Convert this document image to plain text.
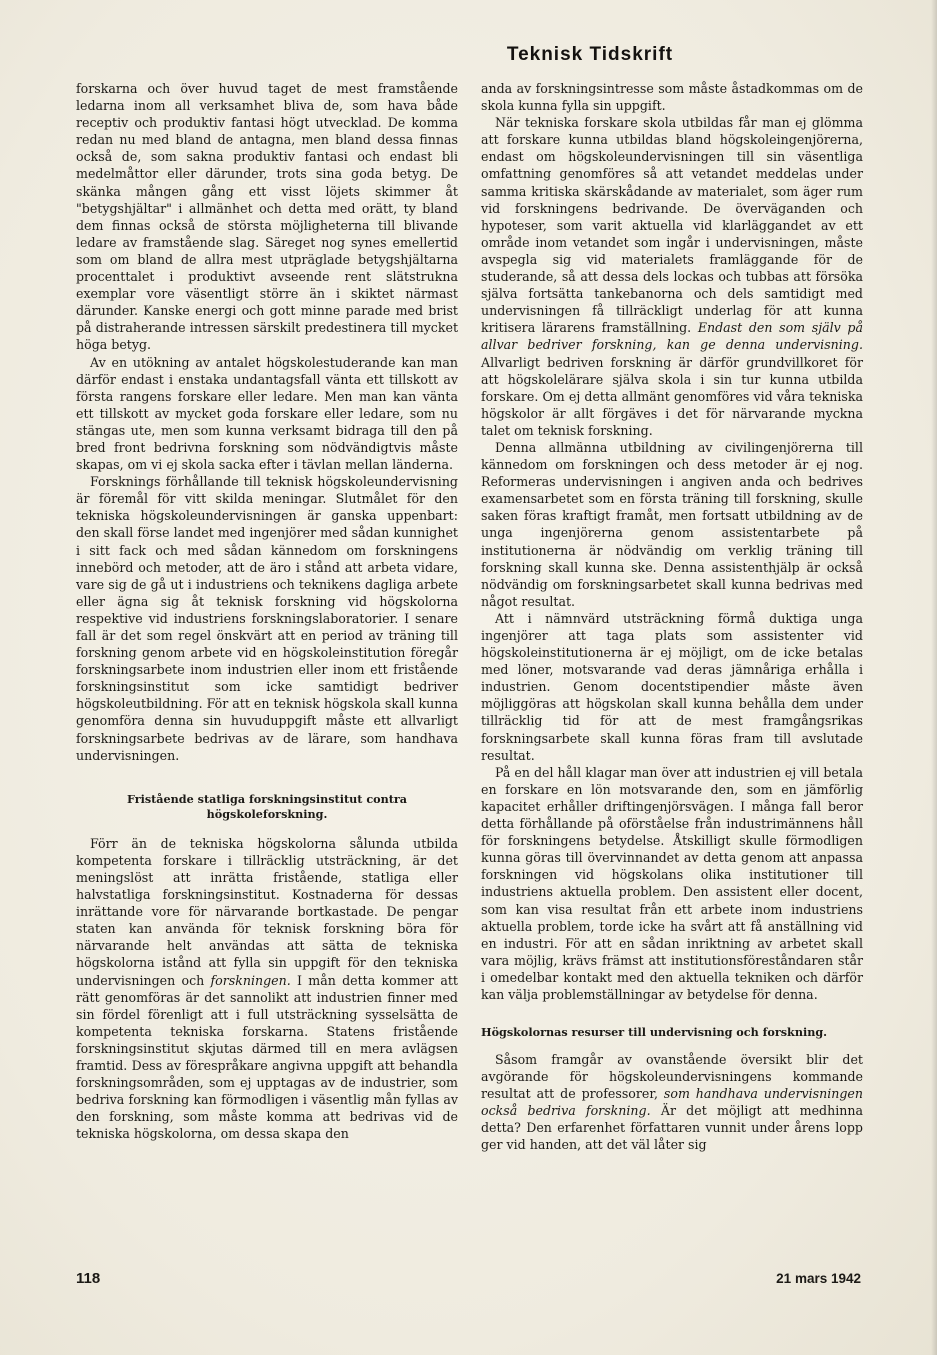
Teknisk Tidskrift

forskarna och över huvud taget de mest framstående ledarna inom all verksamhet bliva de, som hava både receptiv och produktiv fantasi högt utvecklad. De komma redan nu med bland de antagna, men bland dessa finnas också de, som sakna produktiv fantasi och endast bli medelmåttor eller därunder, trots sina goda betyg. De skänka mången gång ett visst löjets skimmer åt "betygshjältar" i allmänhet och detta med orätt, ty bland dem finnas också de största möjligheterna till blivande ledare av framstående slag. Säreget nog synes emellertid som om bland de allra mest utpräglade betygshjältarna procenttalet i produktivt avseende rent slätstrukna exemplar vore väsentligt större än i skiktet närmast därunder. Kanske energi och gott minne parade med brist på distraherande intressen särskilt predestinera till mycket höga betyg.

Av en utökning av antalet högskolestuderande kan man därför endast i enstaka undantagsfall vänta ett tillskott av första rangens forskare eller ledare. Men man kan vänta ett tillskott av mycket goda forskare eller ledare, som nu stängas ute, men som kunna verksamt bidraga till den på bred front bedrivna forskning som nödvändigtvis måste skapas, om vi ej skola sacka efter i tävlan mellan länderna.

Forsknings förhållande till teknisk högskoleundervisning är föremål för vitt skilda meningar. Slutmålet för den tekniska högskoleundervisningen är ganska uppenbart: den skall förse landet med ingenjörer med sådan kunnighet i sitt fack och med sådan kännedom om forskningens innebörd och metoder, att de äro i stånd att arbeta vidare, vare sig de gå ut i industriens och teknikens dagliga arbete eller ägna sig åt teknisk forskning vid högskolorna respektive vid industriens forskningslaboratorier. I senare fall är det som regel önskvärt att en period av träning till forskning genom arbete vid en högskoleinstitution föregår forskningsarbete inom industrien eller inom ett fristående forskningsinstitut som icke samtidigt bedriver högskoleutbildning. För att en teknisk högskola skall kunna genomföra denna sin huvuduppgift måste ett allvarligt forskningsarbete bedrivas av de lärare, som handhava undervisningen.

Fristående statliga forskningsinstitut contra högskoleforskning.

Förr än de tekniska högskolorna sålunda utbilda kompetenta forskare i tillräcklig utsträckning, är det meningslöst att inrätta fristående, statliga eller halvstatliga forskningsinstitut. Kostnaderna för dessas inrättande vore för närvarande bortkastade. De pengar staten kan använda för teknisk forskning böra för närvarande helt användas att sätta de tekniska högskolorna istånd att fylla sin uppgift för den tekniska undervisningen och forskningen. I mån detta kommer att rätt genomföras är det sannolikt att industrien finner med sin fördel förenligt att i full utsträckning sysselsätta de kompetenta tekniska forskarna. Statens fristående forskningsinstitut skjutas därmed till en mera avlägsen framtid. Dess av förespråkare angivna uppgift att behandla forskningsområden, som ej upptagas av de industrier, som bedriva forskning kan förmodligen i väsentlig mån fyllas av den forskning, som måste komma att bedrivas vid de tekniska högskolorna, om dessa skapa den

anda av forskningsintresse som måste åstadkommas om de skola kunna fylla sin uppgift.

När tekniska forskare skola utbildas får man ej glömma att forskare kunna utbildas bland högskoleingenjörerna, endast om högskoleundervisningen till sin väsentliga omfattning genomföres så att vetandet meddelas under samma kritiska skärskådande av materialet, som äger rum vid forskningens bedrivande. De överväganden och hypoteser, som varit aktuella vid klarläggandet av ett område inom vetandet som ingår i undervisningen, måste avspegla sig vid materialets framläggande för de studerande, så att dessa dels lockas och tubbas att försöka själva fortsätta tankebanorna och dels samtidigt med undervisningen få tillräckligt underlag för att kunna kritisera lärarens framställning. Endast den som själv på allvar bedriver forskning, kan ge denna undervisning. Allvarligt bedriven forskning är därför grundvillkoret för att högskolelärare själva skola i sin tur kunna utbilda forskare. Om ej detta allmänt genomföres vid våra tekniska högskolor är allt förgäves i det för närvarande myckna talet om teknisk forskning.

Denna allmänna utbildning av civilingenjörerna till kännedom om forskningen och dess metoder är ej nog. Reformeras undervisningen i angiven anda och bedrives examensarbetet som en första träning till forskning, skulle saken föras kraftigt framåt, men fortsatt utbildning av de unga ingenjörerna genom assistentarbete på institutionerna är nödvändig om verklig träning till forskning skall kunna ske. Denna assistenthjälp är också nödvändig om forskningsarbetet skall kunna bedrivas med något resultat.

Att i nämnvärd utsträckning förmå duktiga unga ingenjörer att taga plats som assistenter vid högskoleinstitutionerna är ej möjligt, om de icke betalas med löner, motsvarande vad deras jämnåriga erhålla i industrien. Genom docentstipendier måste även möjliggöras att högskolan skall kunna behålla dem under tillräcklig tid för att de mest framgångsrikas forskningsarbete skall kunna föras fram till avslutade resultat.

På en del håll klagar man över att industrien ej vill betala en forskare en lön motsvarande den, som en jämförlig kapacitet erhåller driftingenjörsvägen. I många fall beror detta förhållande på oförståelse från industrimännens håll för forskningens betydelse. Åtskilligt skulle förmodligen kunna göras till övervinnandet av detta genom att anpassa forskningen vid högskolans olika institutioner till industriens aktuella problem. Den assistent eller docent, som kan visa resultat från ett arbete inom industriens aktuella problem, torde icke ha svårt att få anställning vid en industri. För att en sådan inriktning av arbetet skall vara möjlig, krävs främst att institutionsföreståndaren står i omedelbar kontakt med den aktuella tekniken och därför kan välja problemställningar av betydelse för denna.

Högskolornas resurser till undervisning och forskning.

Såsom framgår av ovanstående översikt blir det avgörande för högskoleundervisningens kommande resultat att de professorer, som handhava undervisningen också bedriva forskning. Är det möjligt att medhinna detta? Den erfarenhet författaren vunnit under årens lopp ger vid handen, att det väl låter sig

118	21 mars 1942
